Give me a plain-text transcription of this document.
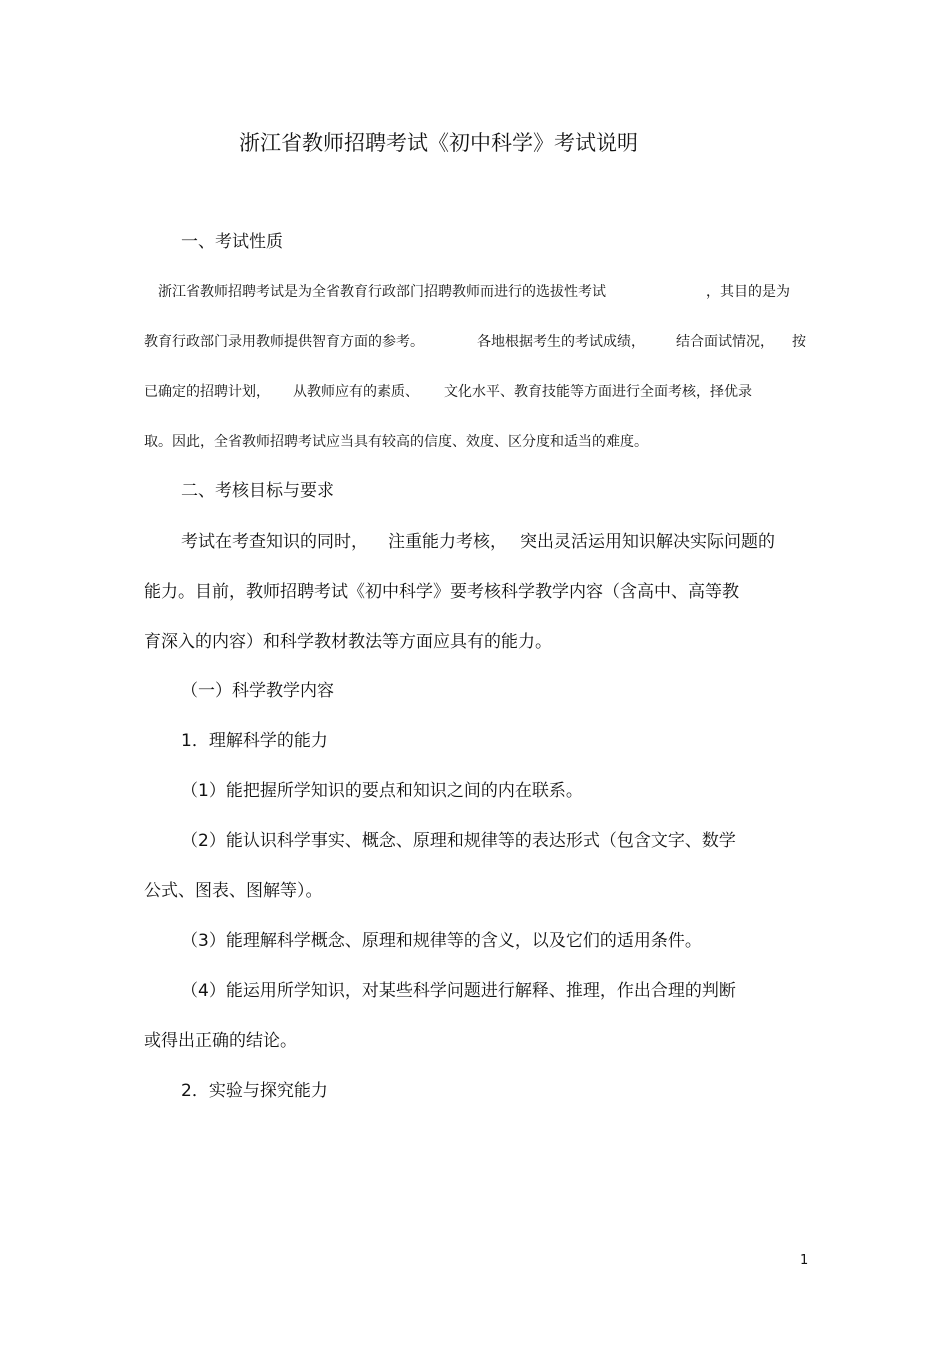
浙江省教师招聘考试《初中科学》考试说明
一、考试性质
浙江省教师招聘考试是为全省教育行政部门招聘教师而进行的选拔性考试	，其目的是为
教育行政部门录用教师提供智育方面的参考。	各地根据考生的考试成绩， 结合面试情况， 按
已确定的招聘计划， 从教师应有的素质、 文化水平、教育技能等方面进行全面考核，择优录
取。因此，全省教师招聘考试应当具有较高的信度、效度、区分度和适当的难度。
二、考核目标与要求
考试在考查知识的同时， 注重能力考核， 突出灵活运用知识解决实际问题的
能力。目前，教师招聘考试《初中科学》要考核科学教学内容（含高中、高等教
育深入的内容）和科学教材教法等方面应具有的能力。
（一）科学教学内容
1．理解科学的能力
（1）能把握所学知识的要点和知识之间的内在联系。
（2）能认识科学事实、概念、原理和规律等的表达形式（包含文字、数学
公式、图表、图解等）。
（3）能理解科学概念、原理和规律等的含义，以及它们的适用条件。
（4）能运用所学知识，对某些科学问题进行解释、推理，作出合理的判断
或得出正确的结论。
2．实验与探究能力
1
